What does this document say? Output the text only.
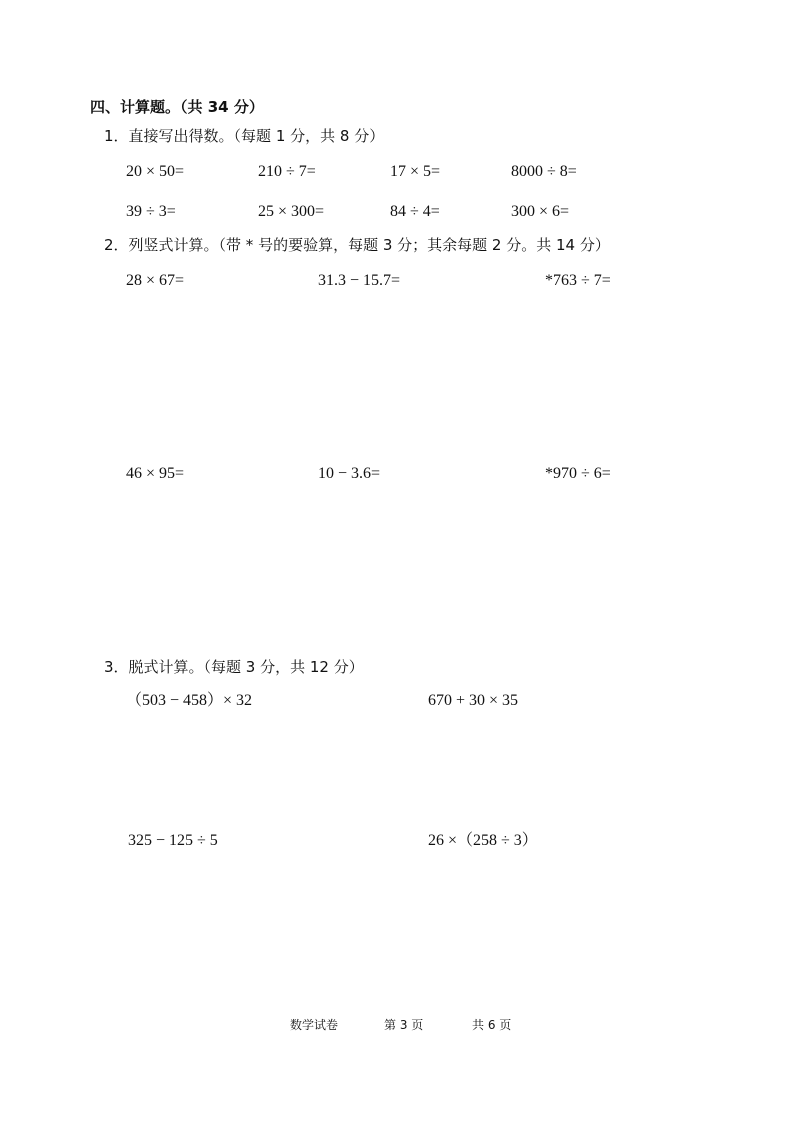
四、计算题。（共 34 分）
1．直接写出得数。（每题 1 分，共 8 分）
20 × 50=	210 ÷ 7=	17 × 5=	8000 ÷ 8=
39 ÷ 3=	25 × 300=	84 ÷ 4=	300 × 6=
2．列竖式计算。（带 * 号的要验算，每题 3 分；其余每题 2 分。共 14 分）
28 × 67=	31.3 − 15.7=	*763 ÷ 7=
46 × 95=	10 − 3.6=	*970 ÷ 6=
3．脱式计算。（每题 3 分，共 12 分）
（503 − 458）× 32	670 + 30 × 35
325 − 125 ÷ 5	26 ×（258 ÷ 3）
数学试卷	第 3 页	共 6 页
